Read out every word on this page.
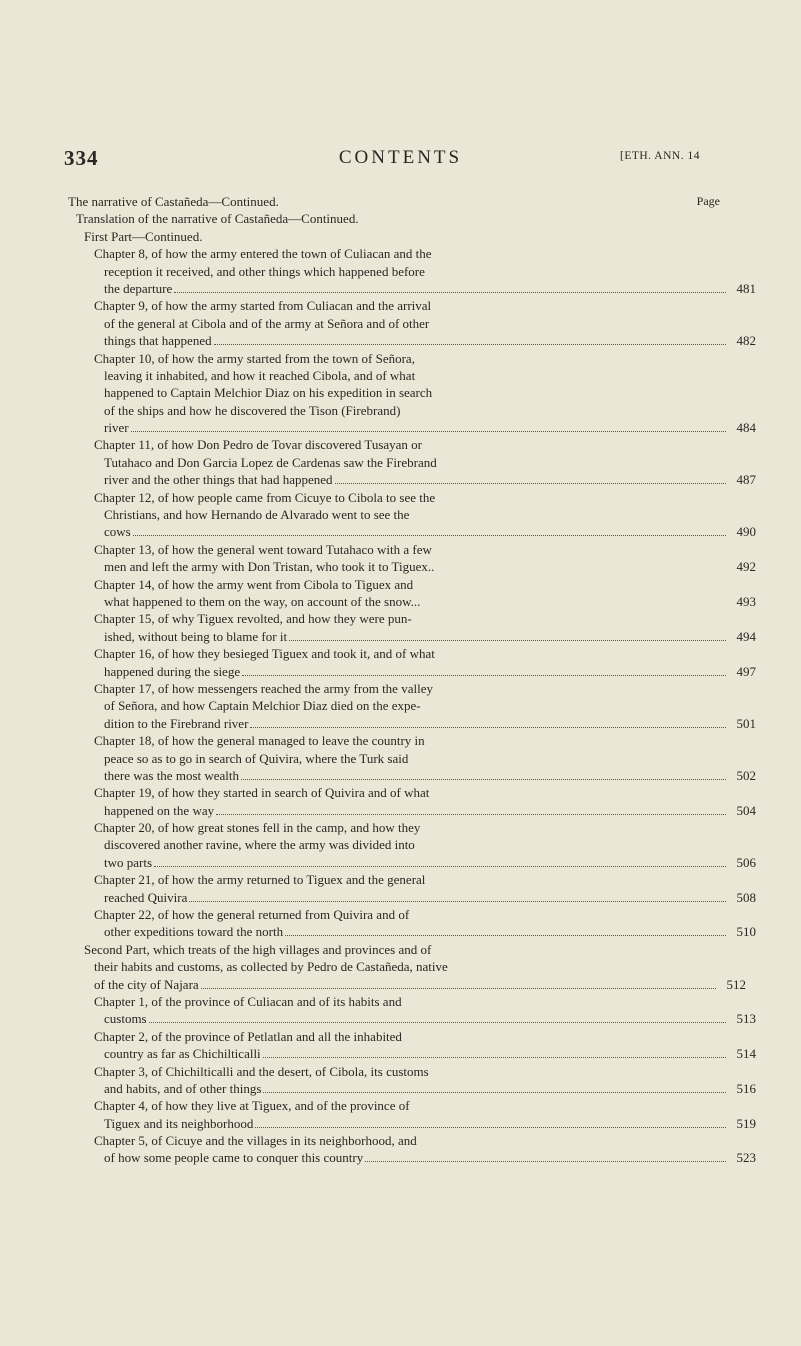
334	CONTENTS	[ETH. ANN. 14
The narrative of Castañeda—Continued.	Page
Translation of the narrative of Castañeda—Continued.
First Part—Continued.
Chapter 8, of how the army entered the town of Culiacan and the
reception it received, and other things which happened before
the departure	481
Chapter 9, of how the army started from Culiacan and the arrival
of the general at Cibola and of the army at Señora and of other
things that happened	482
Chapter 10, of how the army started from the town of Señora,
leaving it inhabited, and how it reached Cibola, and of what
happened to Captain Melchior Diaz on his expedition in search
of the ships and how he discovered the Tison (Firebrand)
river	484
Chapter 11, of how Don Pedro de Tovar discovered Tusayan or
Tutahaco and Don Garcia Lopez de Cardenas saw the Firebrand
river and the other things that had happened	487
Chapter 12, of how people came from Cicuye to Cibola to see the
Christians, and how Hernando de Alvarado went to see the
cows	490
Chapter 13, of how the general went toward Tutahaco with a few
men and left the army with Don Tristan, who took it to Tiguex..	492
Chapter 14, of how the army went from Cibola to Tiguex and
what happened to them on the way, on account of the snow...	493
Chapter 15, of why Tiguex revolted, and how they were pun-
ished, without being to blame for it	494
Chapter 16, of how they besieged Tiguex and took it, and of what
happened during the siege	497
Chapter 17, of how messengers reached the army from the valley
of Señora, and how Captain Melchior Diaz died on the expe-
dition to the Firebrand river	501
Chapter 18, of how the general managed to leave the country in
peace so as to go in search of Quivira, where the Turk said
there was the most wealth	502
Chapter 19, of how they started in search of Quivira and of what
happened on the way	504
Chapter 20, of how great stones fell in the camp, and how they
discovered another ravine, where the army was divided into
two parts	506
Chapter 21, of how the army returned to Tiguex and the general
reached Quivira	508
Chapter 22, of how the general returned from Quivira and of
other expeditions toward the north	510
Second Part, which treats of the high villages and provinces and of
their habits and customs, as collected by Pedro de Castañeda, native
of the city of Najara	512
Chapter 1, of the province of Culiacan and of its habits and
customs	513
Chapter 2, of the province of Petlatlan and all the inhabited
country as far as Chichilticalli	514
Chapter 3, of Chichilticalli and the desert, of Cibola, its customs
and habits, and of other things	516
Chapter 4, of how they live at Tiguex, and of the province of
Tiguex and its neighborhood	519
Chapter 5, of Cicuye and the villages in its neighborhood, and
of how some people came to conquer this country	523
